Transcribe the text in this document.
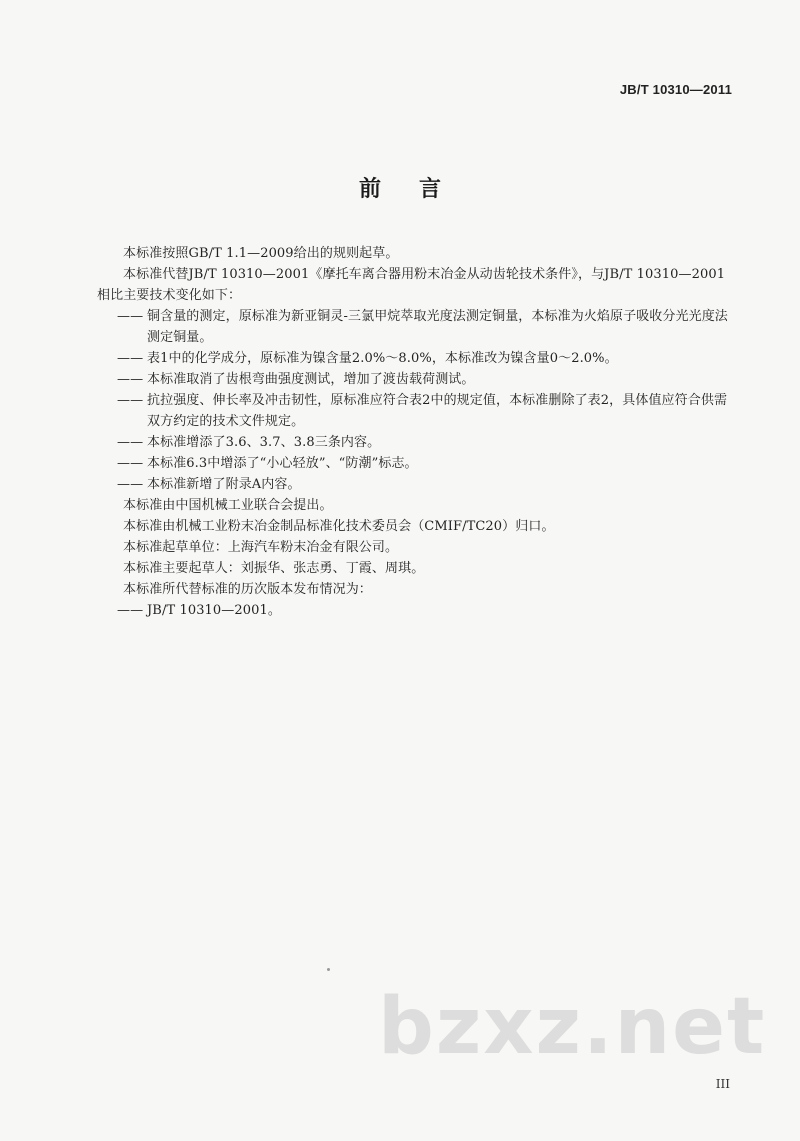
JB/T 10310—2011
前言

本标准按照GB/T 1.1—2009给出的规则起草。

本标准代替JB/T 10310—2001《摩托车离合器用粉末冶金从动齿轮技术条件》，与JB/T 10310—2001相比主要技术变化如下：

—— 铜含量的测定，原标准为新亚铜灵-三氯甲烷萃取光度法测定铜量，本标准为火焰原子吸收分光光度法测定铜量。

—— 表1中的化学成分，原标准为镍含量2.0%～8.0%，本标准改为镍含量0～2.0%。

—— 本标准取消了齿根弯曲强度测试，增加了渡齿载荷测试。

—— 抗拉强度、伸长率及冲击韧性，原标准应符合表2中的规定值，本标准删除了表2，具体值应符合供需双方约定的技术文件规定。

—— 本标准增添了3.6、3.7、3.8三条内容。

—— 本标准6.3中增添了“小心轻放”、“防潮”标志。

—— 本标准新增了附录A内容。

本标准由中国机械工业联合会提出。

本标准由机械工业粉末冶金制品标准化技术委员会（CMIF/TC20）归口。

本标准起草单位：上海汽车粉末冶金有限公司。

本标准主要起草人：刘振华、张志勇、丁霞、周琪。

本标准所代替标准的历次版本发布情况为：

—— JB/T 10310—2001。

bzxz.net
III
